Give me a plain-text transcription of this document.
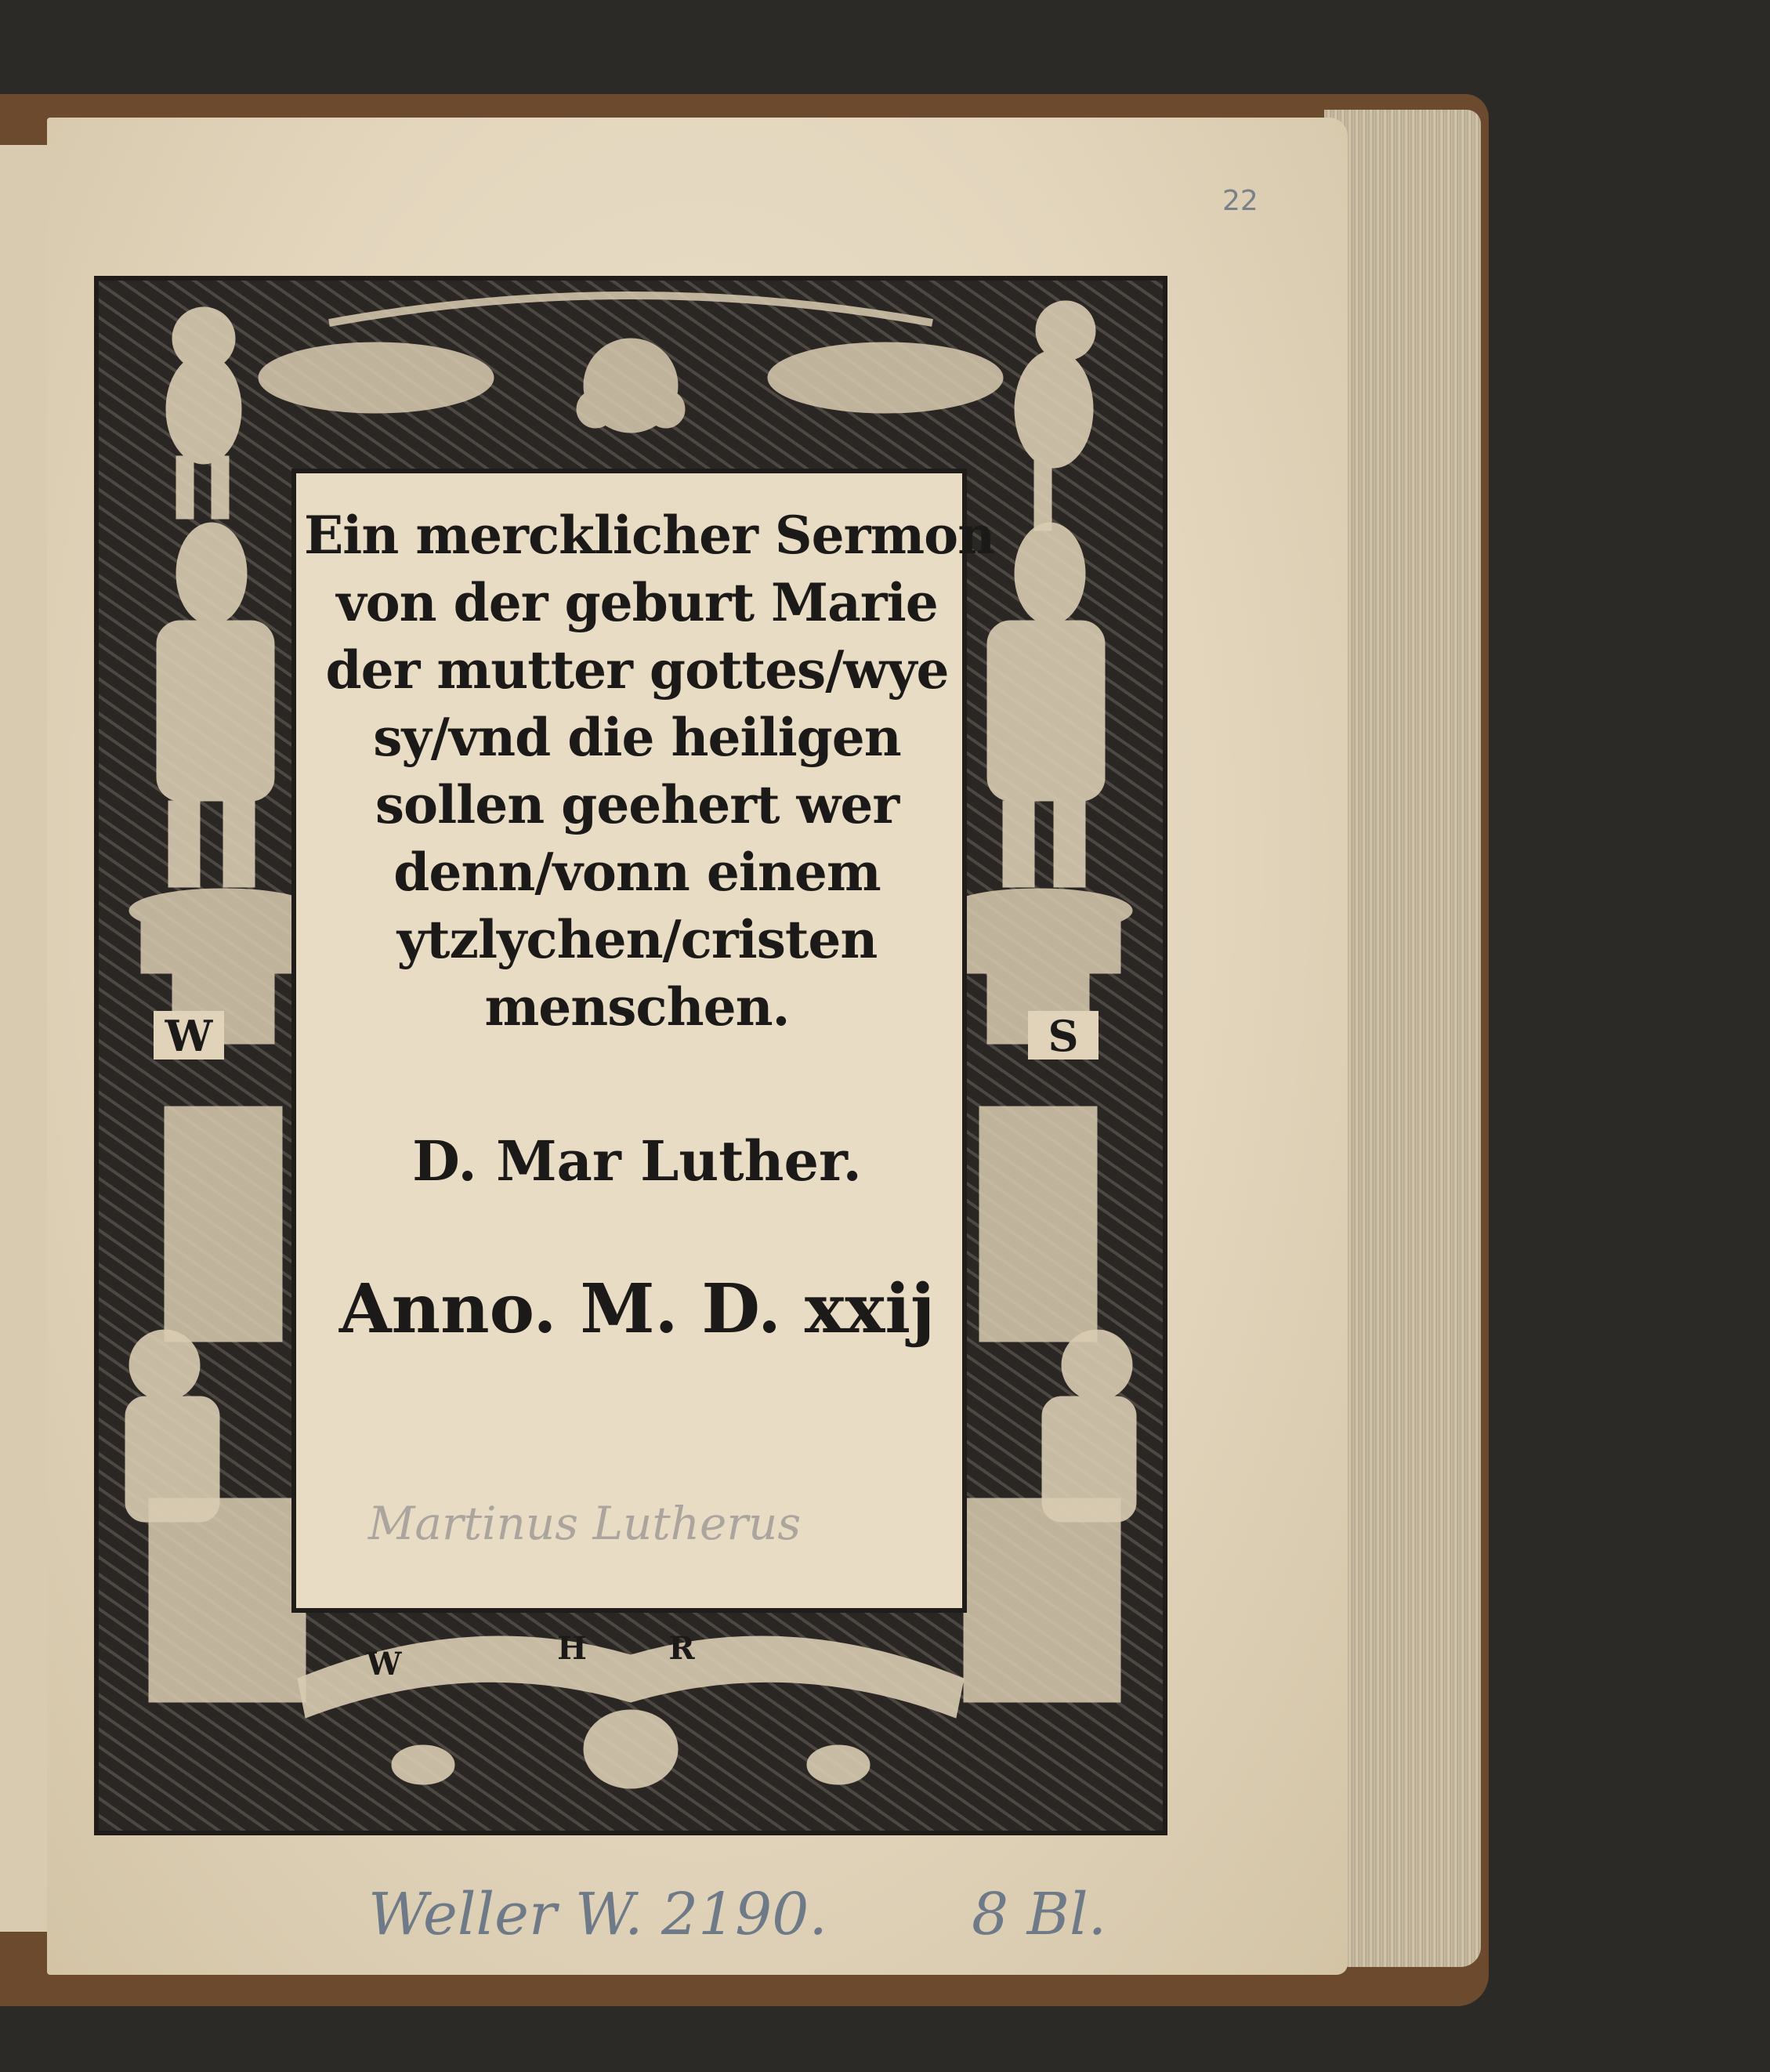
22
W	S
W	H	R
Ein mercklicher Sermon
von der geburt Marie
der mutter gottes/wye
sy/vnd die heiligen
sollen geehert wer
denn/vonn einem
ytzlychen/cristen
menschen.
D. Mar Luther.
Anno. M. D. xxij
Martinus Lutherus
Weller W. 2190. 8 Bl.
